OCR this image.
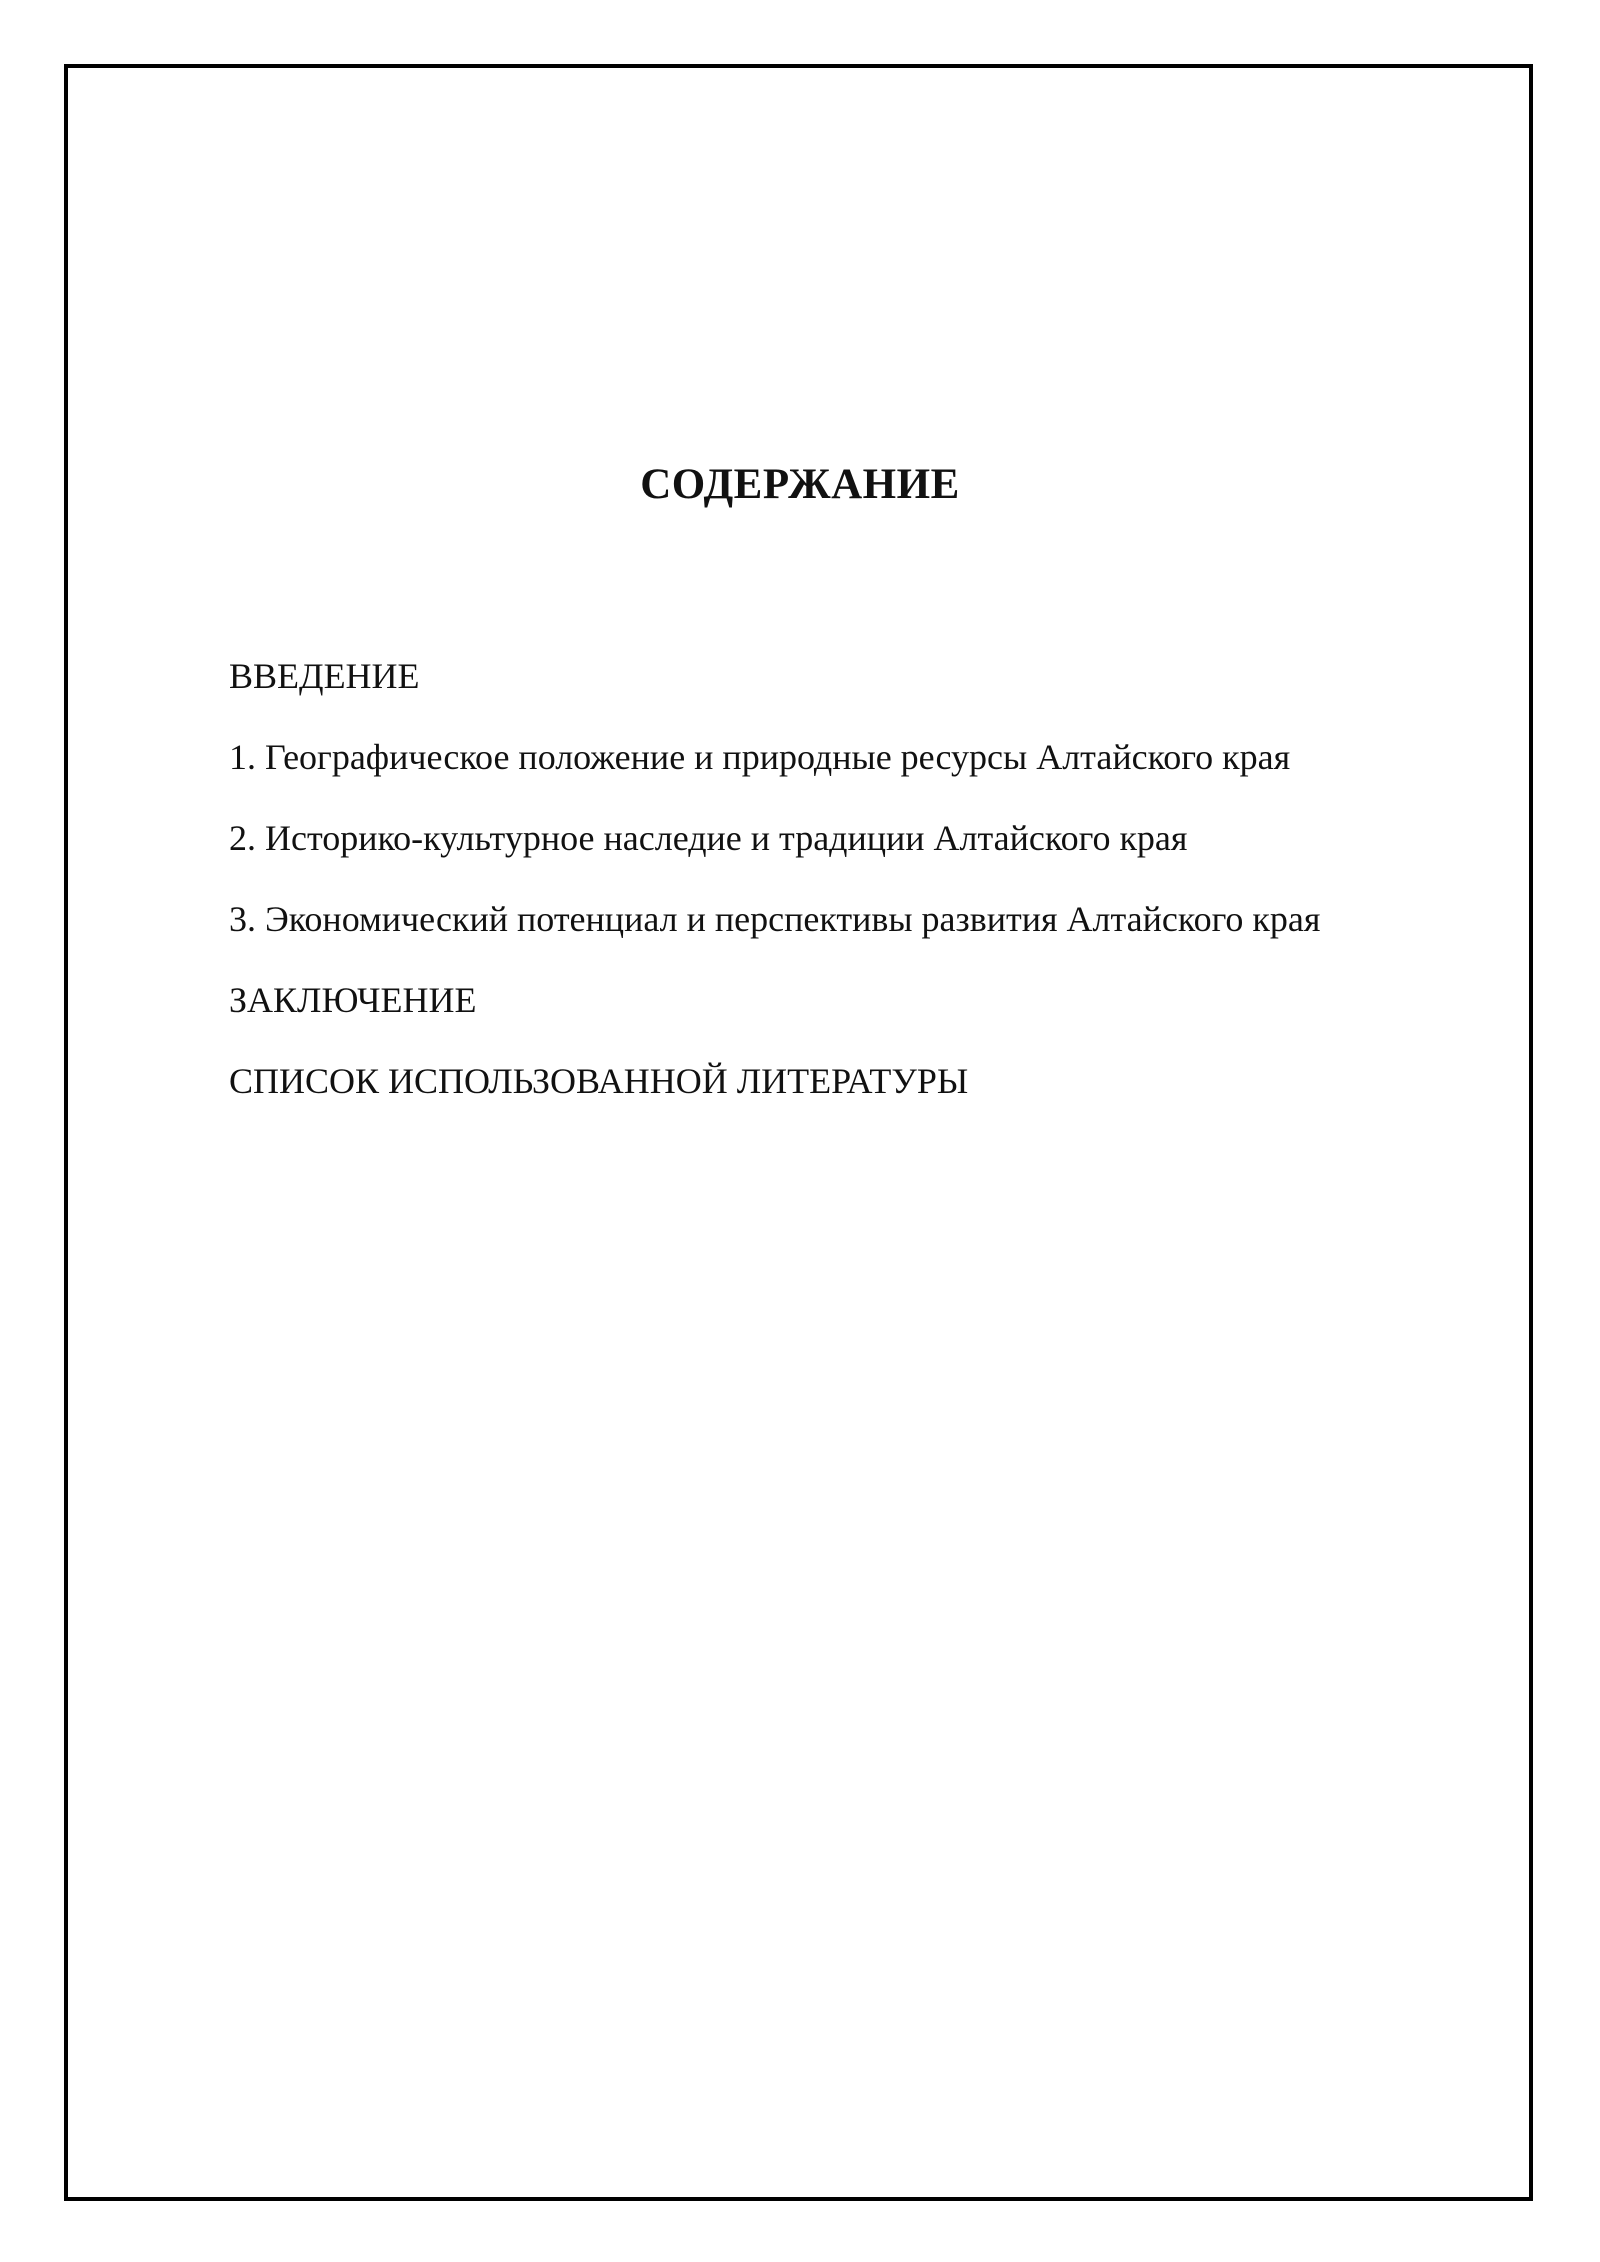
СОДЕРЖАНИЕ
ВВЕДЕНИЕ
1. Географическое положение и природные ресурсы Алтайского края
2. Историко-культурное наследие и традиции Алтайского края
3. Экономический потенциал и перспективы развития Алтайского края
ЗАКЛЮЧЕНИЕ
СПИСОК ИСПОЛЬЗОВАННОЙ ЛИТЕРАТУРЫ
